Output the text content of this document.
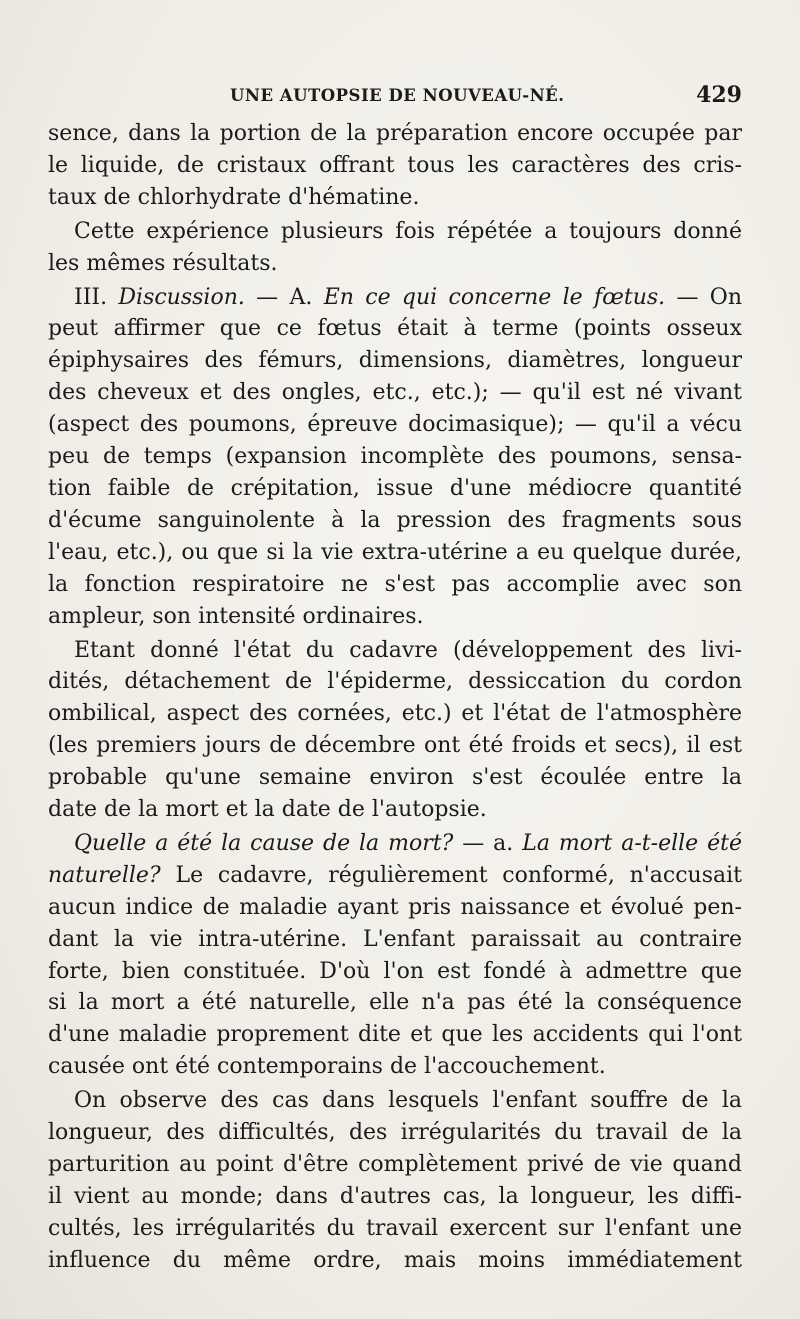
UNE AUTOPSIE DE NOUVEAU-NÉ.	429

sence, dans la portion de la préparation encore occupée par
le liquide, de cristaux offrant tous les caractères des cris-
taux de chlorhydrate d'hématine.

Cette expérience plusieurs fois répétée a toujours donné
les mêmes résultats.

III. Discussion. — A. En ce qui concerne le fœtus. — On
peut affirmer que ce fœtus était à terme (points osseux
épiphysaires des fémurs, dimensions, diamètres, longueur
des cheveux et des ongles, etc., etc.); — qu'il est né vivant
(aspect des poumons, épreuve docimasique); — qu'il a vécu
peu de temps (expansion incomplète des poumons, sensa-
tion faible de crépitation, issue d'une médiocre quantité
d'écume sanguinolente à la pression des fragments sous
l'eau, etc.), ou que si la vie extra-utérine a eu quelque durée,
la fonction respiratoire ne s'est pas accomplie avec son
ampleur, son intensité ordinaires.

Etant donné l'état du cadavre (développement des livi-
dités, détachement de l'épiderme, dessiccation du cordon
ombilical, aspect des cornées, etc.) et l'état de l'atmosphère
(les premiers jours de décembre ont été froids et secs), il est
probable qu'une semaine environ s'est écoulée entre la
date de la mort et la date de l'autopsie.

Quelle a été la cause de la mort? — a. La mort a-t-elle été
naturelle? Le cadavre, régulièrement conformé, n'accusait
aucun indice de maladie ayant pris naissance et évolué pen-
dant la vie intra-utérine. L'enfant paraissait au contraire
forte, bien constituée. D'où l'on est fondé à admettre que
si la mort a été naturelle, elle n'a pas été la conséquence
d'une maladie proprement dite et que les accidents qui l'ont
causée ont été contemporains de l'accouchement.

On observe des cas dans lesquels l'enfant souffre de la
longueur, des difficultés, des irrégularités du travail de la
parturition au point d'être complètement privé de vie quand
il vient au monde; dans d'autres cas, la longueur, les diffi-
cultés, les irrégularités du travail exercent sur l'enfant une
influence du même ordre, mais moins immédiatement
